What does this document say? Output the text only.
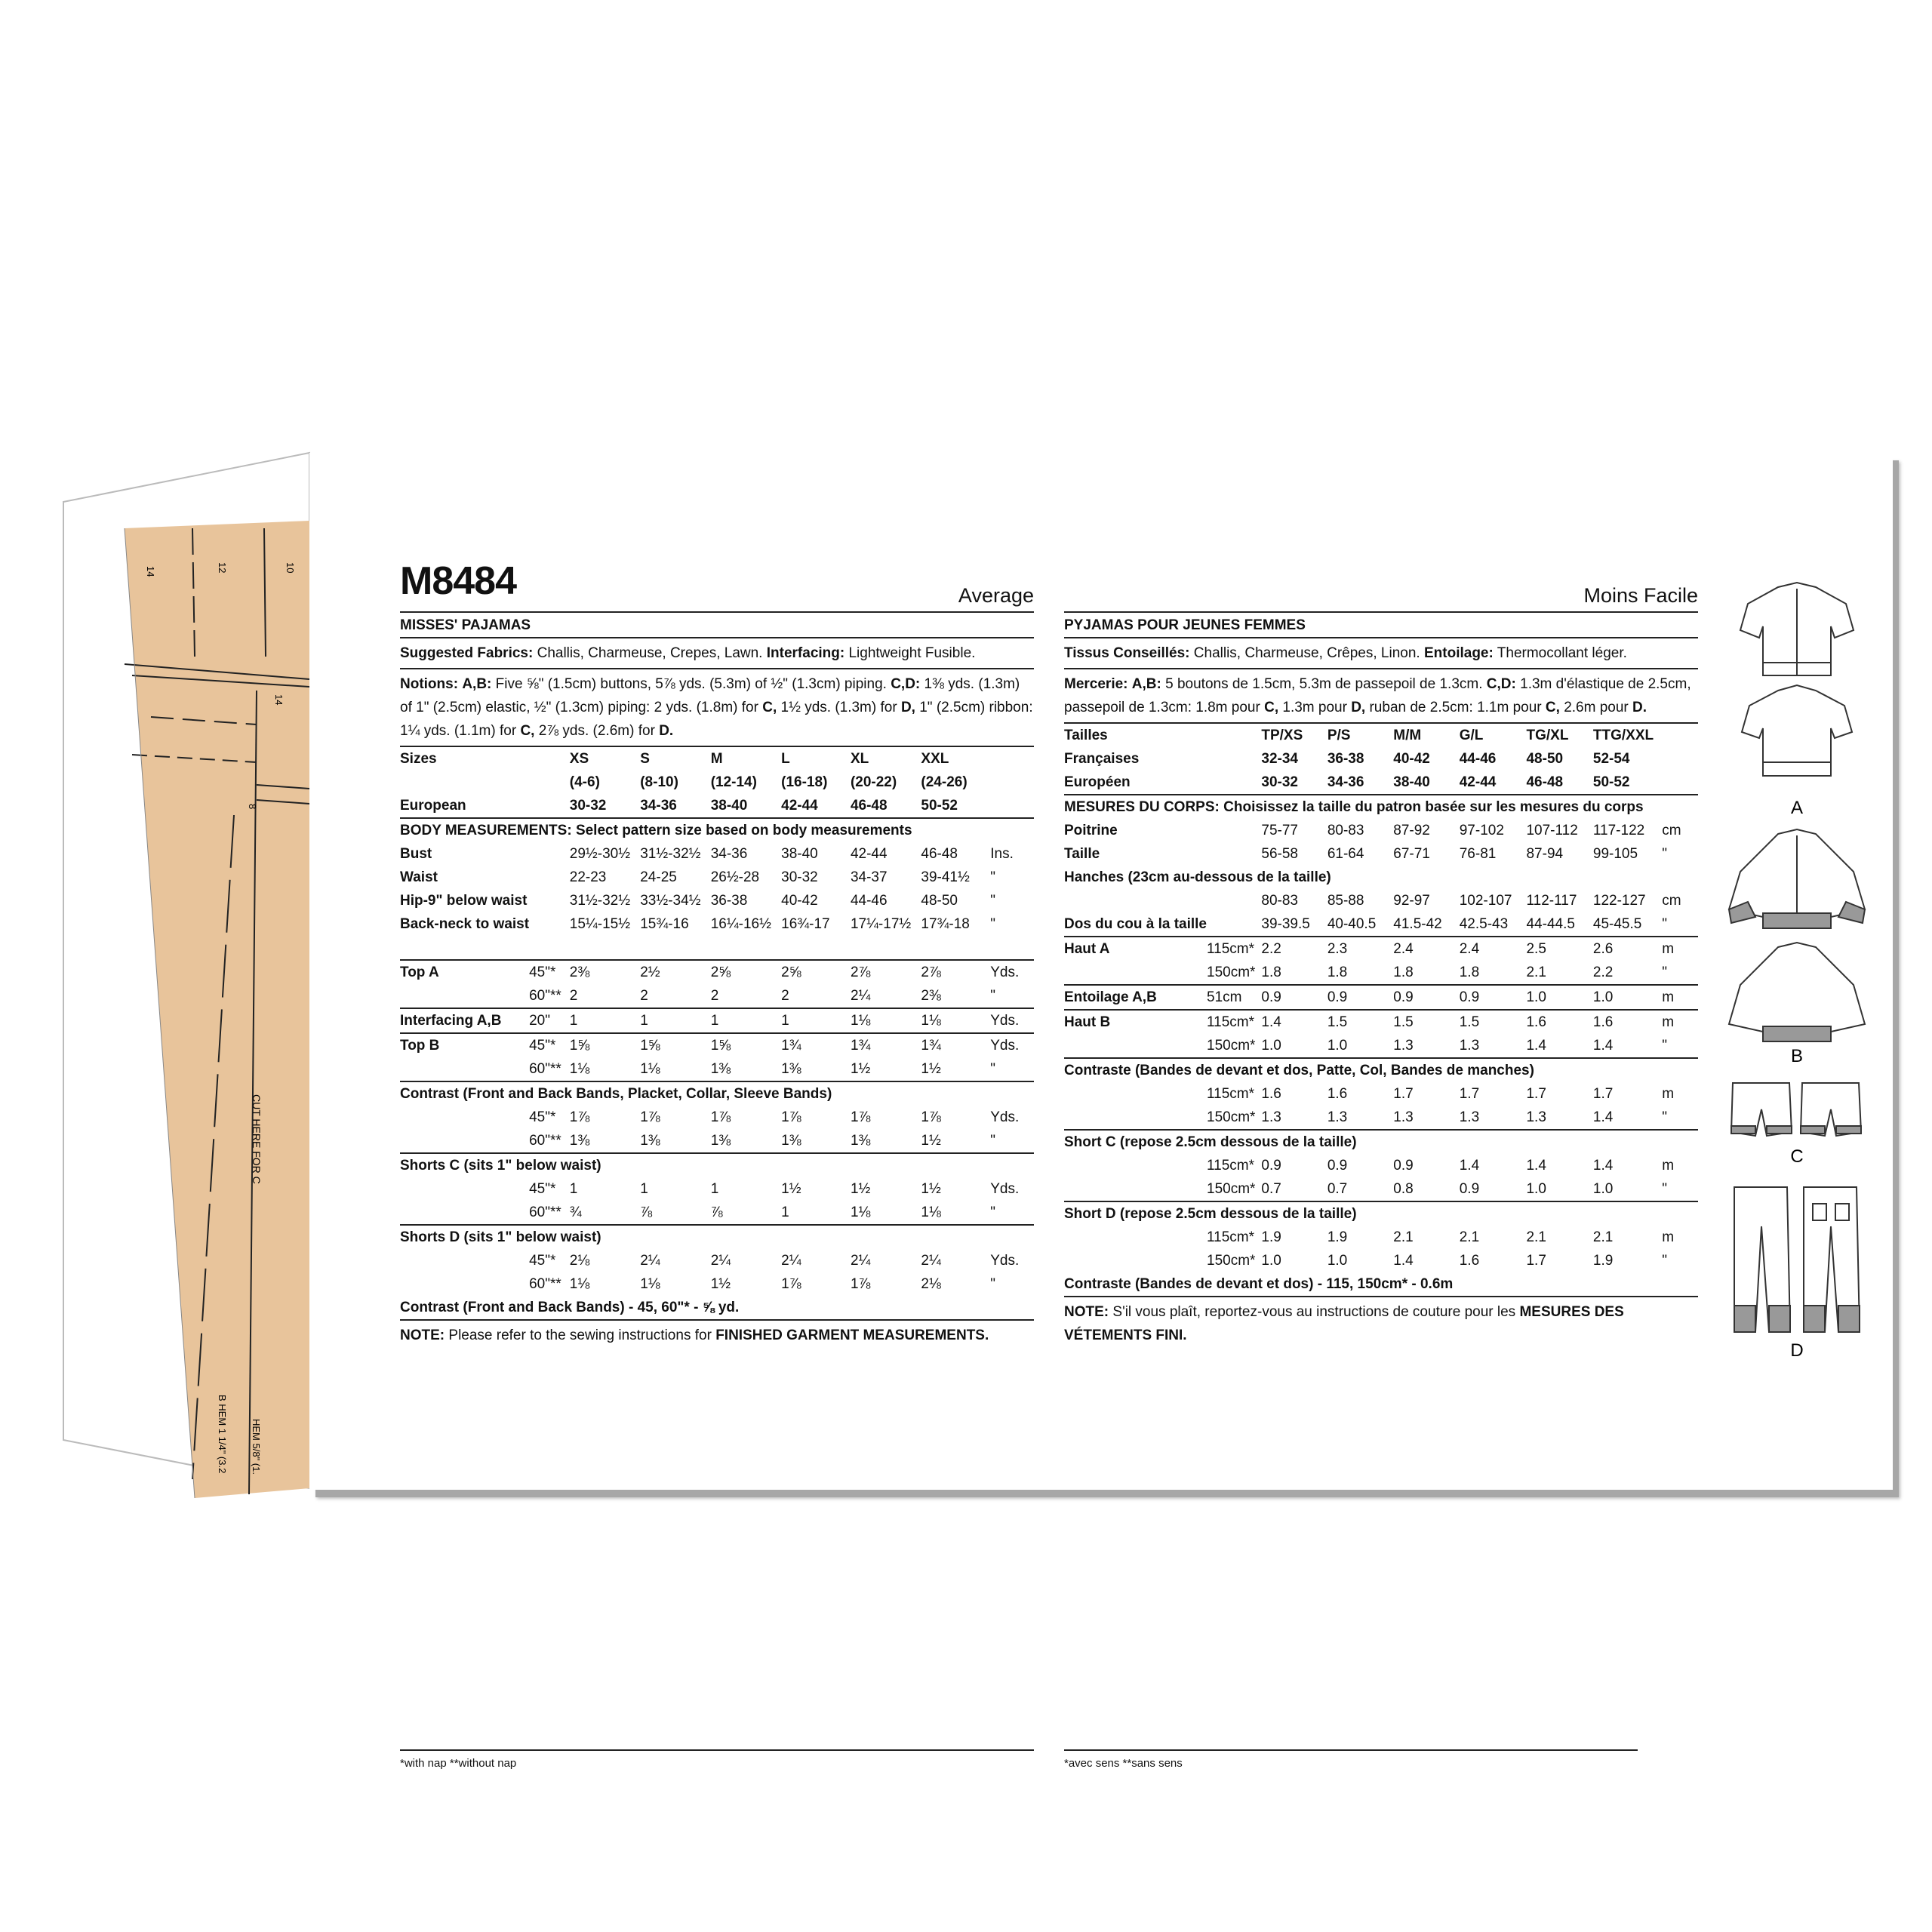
14	12	10
14
8
CUT HERE FOR C
B HEM 1 1/4" (3.2 HEM 5/8" (1.
M8484	Average
MISSES' PAJAMAS
Suggested Fabrics: Challis, Charmeuse, Crepes, Lawn. Interfacing: Lightweight Fusible.
Notions: A,B: Five ⅝" (1.5cm) buttons, 5⅞ yds. (5.3m) of ½" (1.3cm) piping. C,D: 1⅜ yds. (1.3m) of 1" (2.5cm) elastic, ½" (1.3cm) piping: 2 yds. (1.8m) for C, 1½ yds. (1.3m) for D, 1" (2.5cm) ribbon: 1¼ yds. (1.1m) for C, 2⅞ yds. (2.6m) for D.
Sizes		XS	S	M	L	XL	XXL	
		(4-6)	(8-10)	(12-14)	(16-18)	(20-22)	(24-26)	
European		30-32	34-36	38-40	42-44	46-48	50-52	
BODY MEASUREMENTS: Select pattern size based on body measurements								
Bust		29½-30½	31½-32½	34-36	38-40	42-44	46-48	Ins.
Waist		22-23	24-25	26½-28	30-32	34-37	39-41½	"
Hip-9" below waist		31½-32½	33½-34½	36-38	40-42	44-46	48-50	"
Back-neck to waist		15¼-15½	15¾-16	16¼-16½	16¾-17	17¼-17½	17¾-18	"

Top A	45"*	2⅜	2½	2⅝	2⅝	2⅞	2⅞	Yds.
	60"**	2	2	2	2	2¼	2⅜	"
Interfacing A,B	20"	1	1	1	1	1⅛	1⅛	Yds.
Top B	45"*	1⅝	1⅝	1⅝	1¾	1¾	1¾	Yds.
	60"**	1⅛	1⅛	1⅜	1⅜	1½	1½	"
Contrast (Front and Back Bands, Placket, Collar, Sleeve Bands)								
	45"*	1⅞	1⅞	1⅞	1⅞	1⅞	1⅞	Yds.
	60"**	1⅜	1⅜	1⅜	1⅜	1⅜	1½	"
Shorts C (sits 1" below waist)								
	45"*	1	1	1	1½	1½	1½	Yds.
	60"**	¾	⅞	⅞	1	1⅛	1⅛	"
Shorts D (sits 1" below waist)								
	45"*	2⅛	2¼	2¼	2¼	2¼	2¼	Yds.
	60"**	1⅛	1⅛	1½	1⅞	1⅞	2⅛	"
Contrast (Front and Back Bands) - 45, 60"* - ⅝ yd.								
NOTE: Please refer to the sewing instructions for FINISHED GARMENT MEASUREMENTS.
*with nap **without nap
Moins Facile
PYJAMAS POUR JEUNES FEMMES
Tissus Conseillés: Challis, Charmeuse, Crêpes, Linon. Entoilage: Thermocollant léger.
Mercerie: A,B: 5 boutons de 1.5cm, 5.3m de passepoil de 1.3cm. C,D: 1.3m d'élastique de 2.5cm, passepoil de 1.3cm: 1.8m pour C, 1.3m pour D, ruban de 2.5cm: 1.1m pour C, 2.6m pour D.
Tailles		TP/XS	P/S	M/M	G/L	TG/XL	TTG/XXL	
Françaises		32-34	36-38	40-42	44-46	48-50	52-54	
Européen		30-32	34-36	38-40	42-44	46-48	50-52	
MESURES DU CORPS: Choisissez la taille du patron basée sur les mesures du corps								
Poitrine		75-77	80-83	87-92	97-102	107-112	117-122	cm
Taille		56-58	61-64	67-71	76-81	87-94	99-105	"
Hanches (23cm au-dessous de la taille)								
		80-83	85-88	92-97	102-107	112-117	122-127	cm
Dos du cou à la taille		39-39.5	40-40.5	41.5-42	42.5-43	44-44.5	45-45.5	"
Haut A	115cm*	2.2	2.3	2.4	2.4	2.5	2.6	m
	150cm*	1.8	1.8	1.8	1.8	2.1	2.2	"
Entoilage A,B	51cm	0.9	0.9	0.9	0.9	1.0	1.0	m
Haut B	115cm*	1.4	1.5	1.5	1.5	1.6	1.6	m
	150cm*	1.0	1.0	1.3	1.3	1.4	1.4	"
Contraste (Bandes de devant et dos, Patte, Col, Bandes de manches)								
	115cm*	1.6	1.6	1.7	1.7	1.7	1.7	m
	150cm*	1.3	1.3	1.3	1.3	1.3	1.4	"
Short C (repose 2.5cm dessous de la taille)								
	115cm*	0.9	0.9	0.9	1.4	1.4	1.4	m
	150cm*	0.7	0.7	0.8	0.9	1.0	1.0	"
Short D (repose 2.5cm dessous de la taille)								
	115cm*	1.9	1.9	2.1	2.1	2.1	2.1	m
	150cm*	1.0	1.0	1.4	1.6	1.7	1.9	"
Contraste (Bandes de devant et dos) - 115, 150cm* - 0.6m								
NOTE: S'il vous plaît, reportez-vous au instructions de couture pour les MESURES DES VÉTEMENTS FINI.
*avec sens **sans sens
A

B

C

D
